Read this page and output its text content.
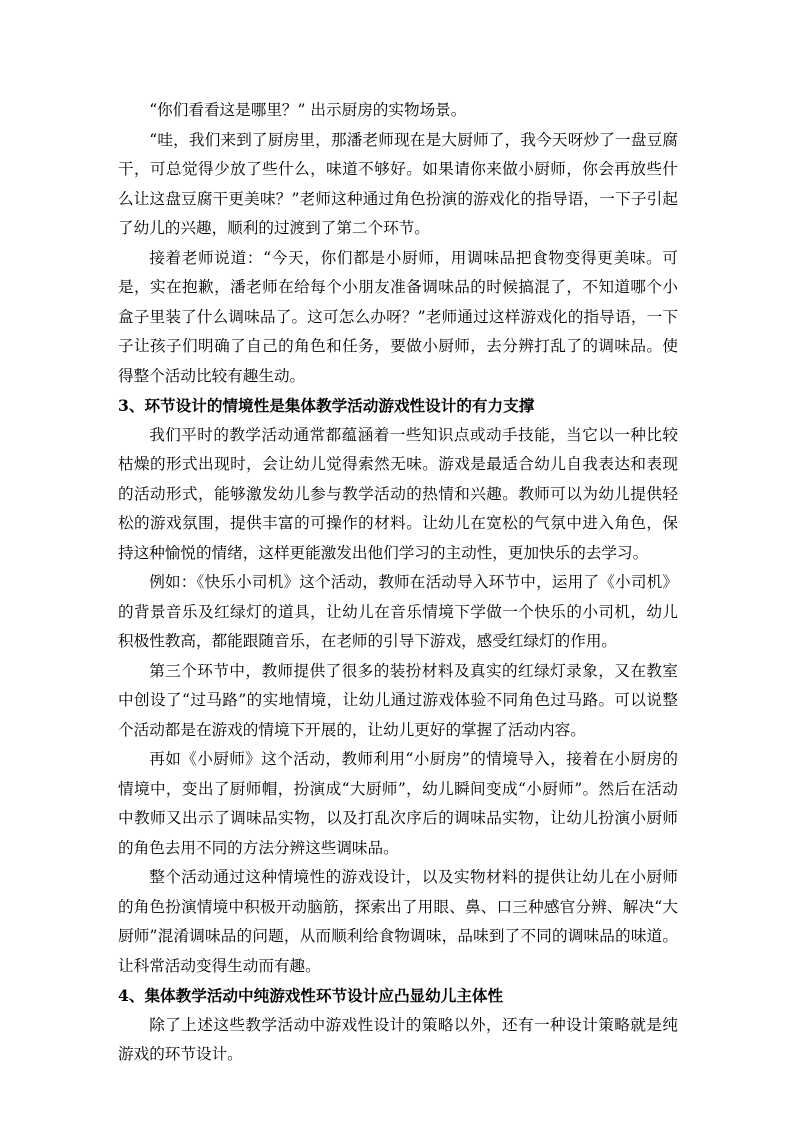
“你们看看这是哪里？” 出示厨房的实物场景。

“哇，我们来到了厨房里，那潘老师现在是大厨师了，我今天呀炒了一盘豆腐干，可总觉得少放了些什么，味道不够好。如果请你来做小厨师，你会再放些什么让这盘豆腐干更美味？”老师这种通过角色扮演的游戏化的指导语，一下子引起了幼儿的兴趣，顺利的过渡到了第二个环节。

接着老师说道：“今天，你们都是小厨师，用调味品把食物变得更美味。可是，实在抱歉，潘老师在给每个小朋友准备调味品的时候搞混了，不知道哪个小盒子里装了什么调味品了。这可怎么办呀？”老师通过这样游戏化的指导语，一下子让孩子们明确了自己的角色和任务，要做小厨师，去分辨打乱了的调味品。使得整个活动比较有趣生动。

3、环节设计的情境性是集体教学活动游戏性设计的有力支撑

我们平时的教学活动通常都蕴涵着一些知识点或动手技能，当它以一种比较枯燥的形式出现时，会让幼儿觉得索然无味。游戏是最适合幼儿自我表达和表现的活动形式，能够激发幼儿参与教学活动的热情和兴趣。教师可以为幼儿提供轻松的游戏氛围，提供丰富的可操作的材料。让幼儿在宽松的气氛中进入角色，保持这种愉悦的情绪，这样更能激发出他们学习的主动性，更加快乐的去学习。

例如：《快乐小司机》这个活动，教师在活动导入环节中，运用了《小司机》的背景音乐及红绿灯的道具，让幼儿在音乐情境下学做一个快乐的小司机，幼儿积极性教高，都能跟随音乐，在老师的引导下游戏，感受红绿灯的作用。

第三个环节中，教师提供了很多的装扮材料及真实的红绿灯录象，又在教室中创设了“过马路”的实地情境，让幼儿通过游戏体验不同角色过马路。可以说整个活动都是在游戏的情境下开展的，让幼儿更好的掌握了活动内容。

再如《小厨师》这个活动，教师利用“小厨房”的情境导入，接着在小厨房的情境中，变出了厨师帽，扮演成“大厨师”，幼儿瞬间变成“小厨师”。然后在活动中教师又出示了调味品实物，以及打乱次序后的调味品实物，让幼儿扮演小厨师的角色去用不同的方法分辨这些调味品。

整个活动通过这种情境性的游戏设计，以及实物材料的提供让幼儿在小厨师的角色扮演情境中积极开动脑筋，探索出了用眼、鼻、口三种感官分辨、解决“大厨师”混淆调味品的问题，从而顺利给食物调味，品味到了不同的调味品的味道。让科常活动变得生动而有趣。

4、集体教学活动中纯游戏性环节设计应凸显幼儿主体性

除了上述这些教学活动中游戏性设计的策略以外，还有一种设计策略就是纯游戏的环节设计。
